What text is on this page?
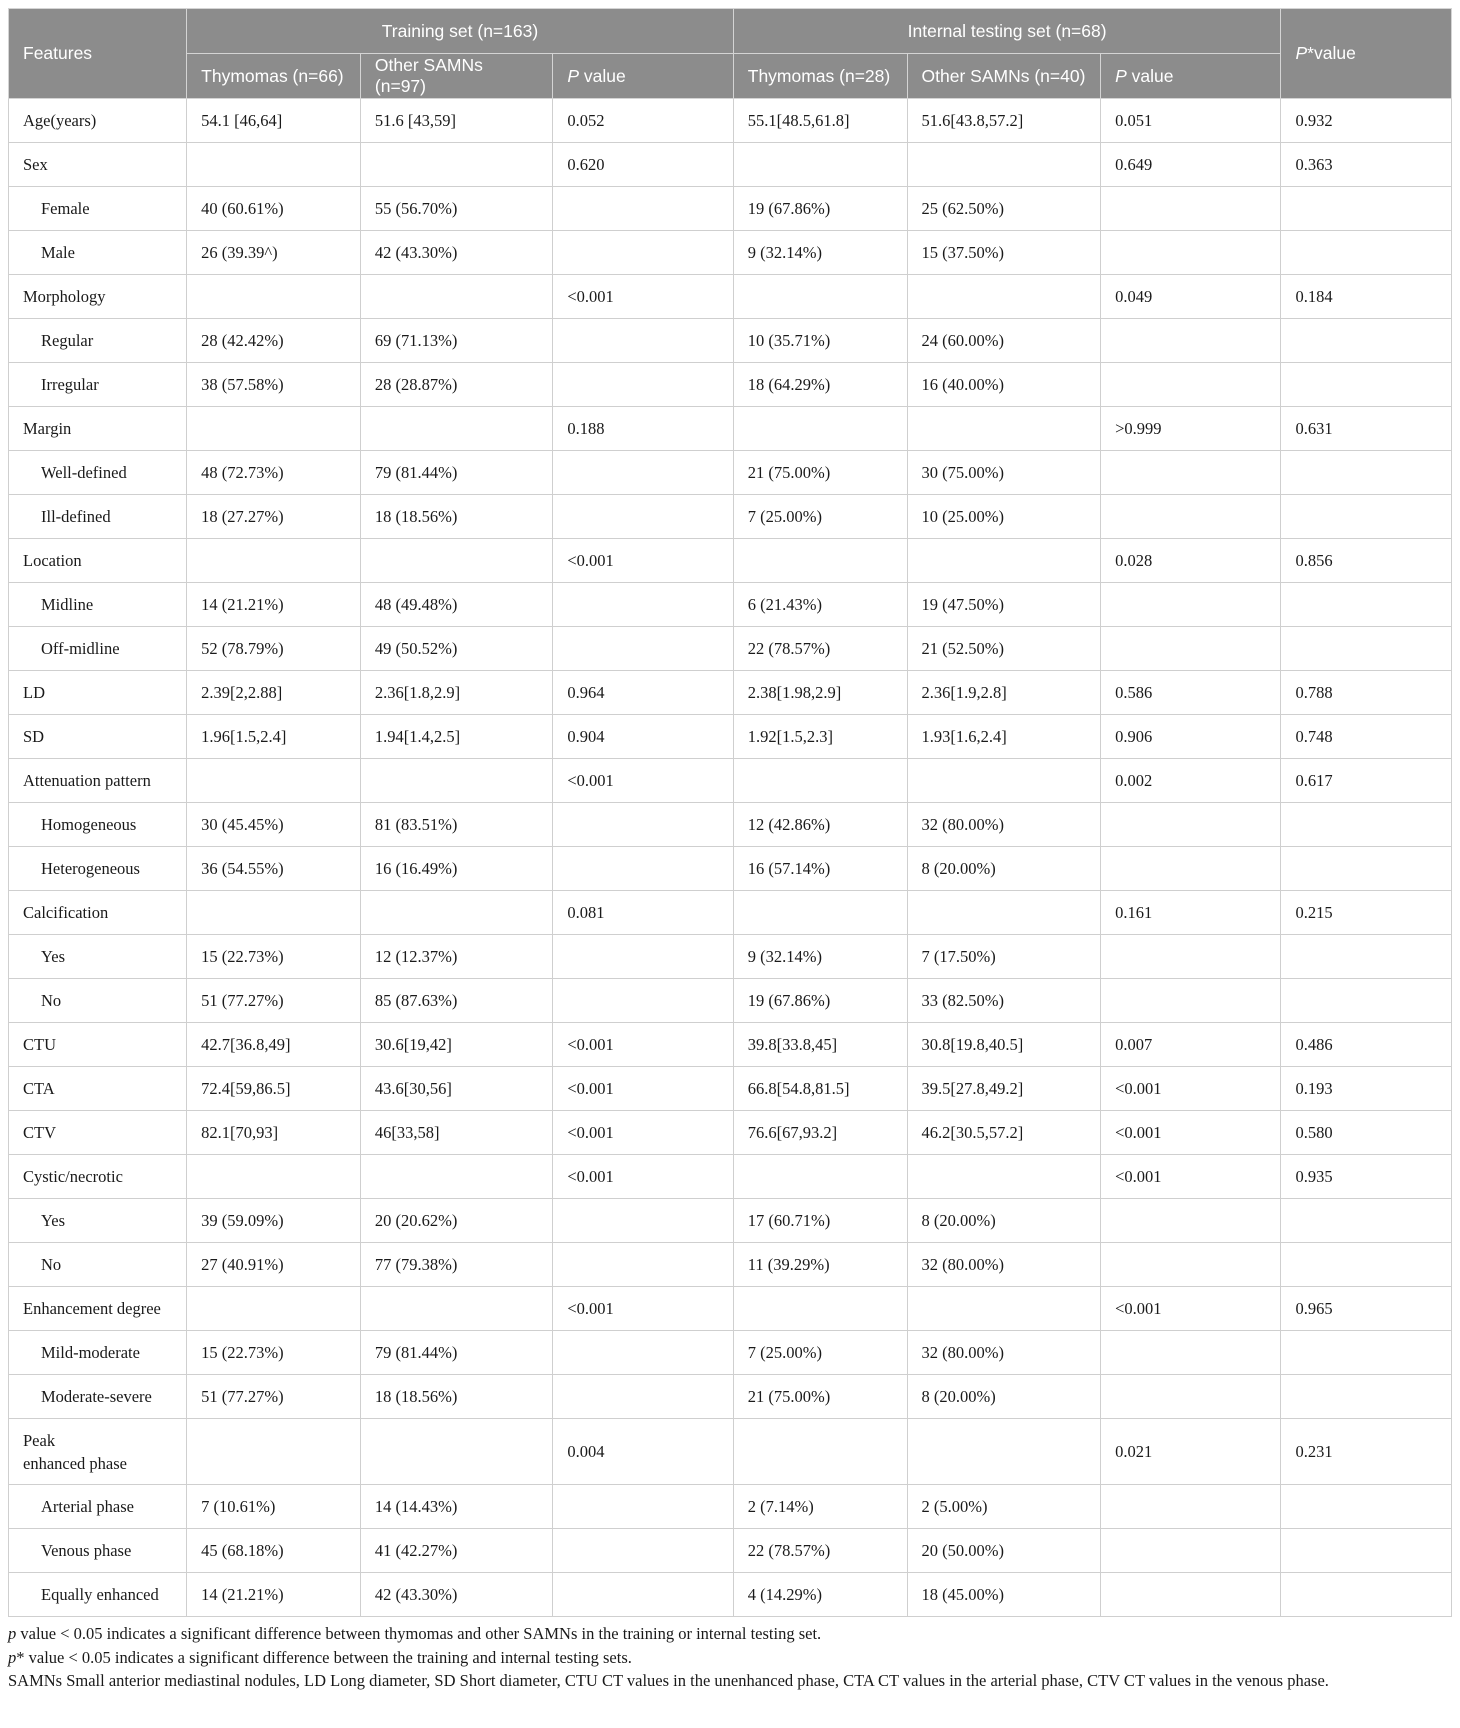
Features	Training set (n=163)			Internal testing set (n=68)			P*value
	Thymomas (n=66)	Other SAMNs (n=97)	P value	Thymomas (n=28)	Other SAMNs (n=40)	P value	
Age(years)	54.1 [46,64]	51.6 [43,59]	0.052	55.1[48.5,61.8]	51.6[43.8,57.2]	0.051	0.932
Sex			0.620			0.649	0.363
Female	40 (60.61%)	55 (56.70%)		19 (67.86%)	25 (62.50%)		
Male	26 (39.39^)	42 (43.30%)		9 (32.14%)	15 (37.50%)		
Morphology			<0.001			0.049	0.184
Regular	28 (42.42%)	69 (71.13%)		10 (35.71%)	24 (60.00%)		
Irregular	38 (57.58%)	28 (28.87%)		18 (64.29%)	16 (40.00%)		
Margin			0.188			>0.999	0.631
Well-defined	48 (72.73%)	79 (81.44%)		21 (75.00%)	30 (75.00%)		
Ill-defined	18 (27.27%)	18 (18.56%)		7 (25.00%)	10 (25.00%)		
Location			<0.001			0.028	0.856
Midline	14 (21.21%)	48 (49.48%)		6 (21.43%)	19 (47.50%)		
Off-midline	52 (78.79%)	49 (50.52%)		22 (78.57%)	21 (52.50%)		
LD	2.39[2,2.88]	2.36[1.8,2.9]	0.964	2.38[1.98,2.9]	2.36[1.9,2.8]	0.586	0.788
SD	1.96[1.5,2.4]	1.94[1.4,2.5]	0.904	1.92[1.5,2.3]	1.93[1.6,2.4]	0.906	0.748
Attenuation pattern			<0.001			0.002	0.617
Homogeneous	30 (45.45%)	81 (83.51%)		12 (42.86%)	32 (80.00%)		
Heterogeneous	36 (54.55%)	16 (16.49%)		16 (57.14%)	8 (20.00%)		
Calcification			0.081			0.161	0.215
Yes	15 (22.73%)	12 (12.37%)		9 (32.14%)	7 (17.50%)		
No	51 (77.27%)	85 (87.63%)		19 (67.86%)	33 (82.50%)		
CTU	42.7[36.8,49]	30.6[19,42]	<0.001	39.8[33.8,45]	30.8[19.8,40.5]	0.007	0.486
CTA	72.4[59,86.5]	43.6[30,56]	<0.001	66.8[54.8,81.5]	39.5[27.8,49.2]	<0.001	0.193
CTV	82.1[70,93]	46[33,58]	<0.001	76.6[67,93.2]	46.2[30.5,57.2]	<0.001	0.580
Cystic/necrotic			<0.001			<0.001	0.935
Yes	39 (59.09%)	20 (20.62%)		17 (60.71%)	8 (20.00%)		
No	27 (40.91%)	77 (79.38%)		11 (39.29%)	32 (80.00%)		
Enhancement degree			<0.001			<0.001	0.965
Mild-moderate	15 (22.73%)	79 (81.44%)		7 (25.00%)	32 (80.00%)		
Moderate-severe	51 (77.27%)	18 (18.56%)		21 (75.00%)	8 (20.00%)		
Peak
enhanced phase			0.004			0.021	0.231
Arterial phase	7 (10.61%)	14 (14.43%)		2 (7.14%)	2 (5.00%)		
Venous phase	45 (68.18%)	41 (42.27%)		22 (78.57%)	20 (50.00%)		
Equally enhanced	14 (21.21%)	42 (43.30%)		4 (14.29%)	18 (45.00%)		

p value < 0.05 indicates a significant difference between thymomas and other SAMNs in the training or internal testing set.

p* value < 0.05 indicates a significant difference between the training and internal testing sets.

SAMNs Small anterior mediastinal nodules, LD Long diameter, SD Short diameter, CTU CT values in the unenhanced phase, CTA CT values in the arterial phase, CTV CT values in the venous phase.
